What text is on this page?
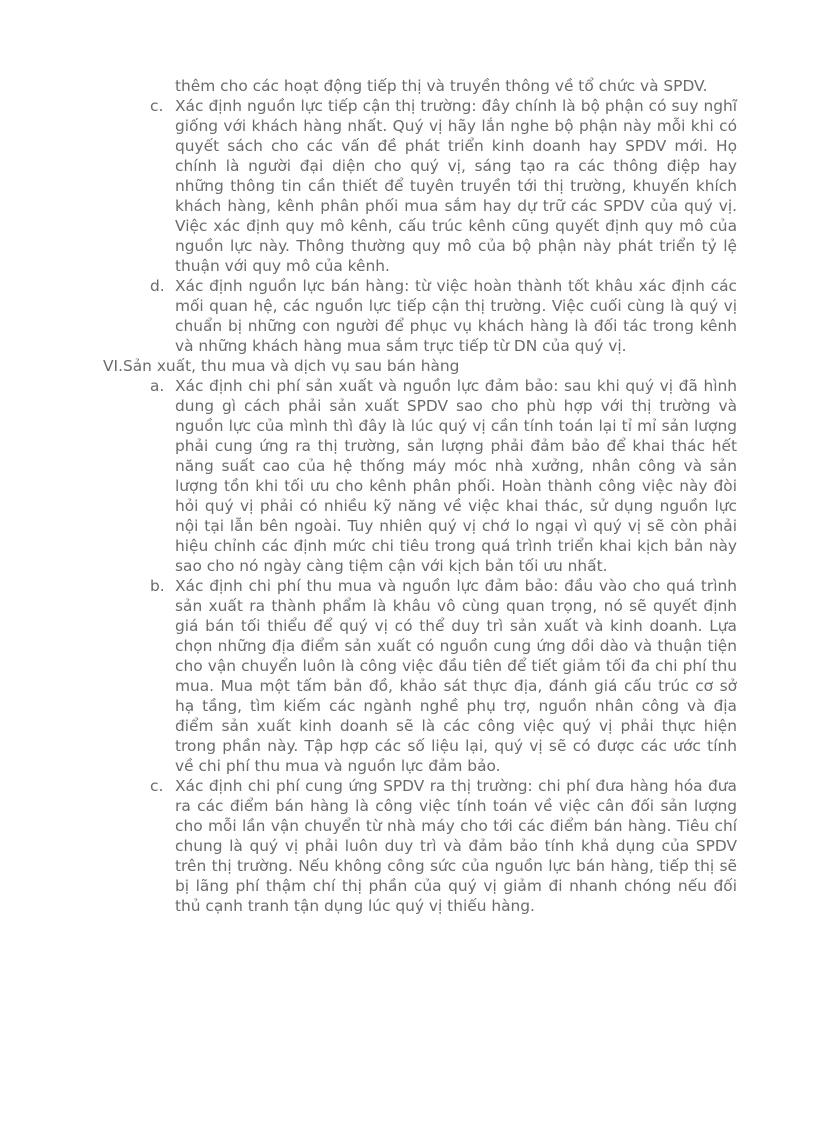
thêm cho các hoạt động tiếp thị và truyền thông về tổ chức và SPDV.

c. Xác định nguồn lực tiếp cận thị trường: đây chính là bộ phận có suy nghĩ giống với khách hàng nhất. Quý vị hãy lắn nghe bộ phận này mỗi khi có quyết sách cho các vấn đề phát triển kinh doanh hay SPDV mới. Họ chính là người đại diện cho quý vị, sáng tạo ra các thông điệp hay những thông tin cần thiết để tuyên truyền tới thị trường, khuyến khích khách hàng, kênh phân phối mua sắm hay dự trữ các SPDV của quý vị. Việc xác định quy mô kênh, cấu trúc kênh cũng quyết định quy mô của nguồn lực này. Thông thường quy mô của bộ phận này phát triển tỷ lệ thuận với quy mô của kênh.

d. Xác định nguồn lực bán hàng: từ việc hoàn thành tốt khâu xác định các mối quan hệ, các nguồn lực tiếp cận thị trường. Việc cuối cùng là quý vị chuẩn bị những con người để phục vụ khách hàng là đối tác trong kênh và những khách hàng mua sắm trực tiếp từ DN của quý vị.

VI.Sản xuất, thu mua và dịch vụ sau bán hàng

a. Xác định chi phí sản xuất và nguồn lực đảm bảo: sau khi quý vị đã hình dung gì cách phải sản xuất SPDV sao cho phù hợp với thị trường và nguồn lực của mình thì đây là lúc quý vị cần tính toán lại tỉ mỉ sản lượng phải cung ứng ra thị trường, sản lượng phải đảm bảo để khai thác hết năng suất cao của hệ thống máy móc nhà xưởng, nhân công và sản lượng tồn khi tối ưu cho kênh phân phối. Hoàn thành công việc này đòi hỏi quý vị phải có nhiều kỹ năng về việc khai thác, sử dụng nguồn lực nội tại lẫn bên ngoài. Tuy nhiên quý vị chớ lo ngại vì quý vị sẽ còn phải hiệu chỉnh các định mức chi tiêu trong quá trình triển khai kịch bản này sao cho nó ngày càng tiệm cận với kịch bản tối ưu nhất.

b. Xác định chi phí thu mua và nguồn lực đảm bảo: đầu vào cho quá trình sản xuất ra thành phẩm là khâu vô cùng quan trọng, nó sẽ quyết định giá bán tối thiểu để quý vị có thể duy trì sản xuất và kinh doanh. Lựa chọn những địa điểm sản xuất có nguồn cung ứng dồi dào và thuận tiện cho vận chuyển luôn là công việc đầu tiên để tiết giảm tối đa chi phí thu mua. Mua một tấm bản đồ, khảo sát thực địa, đánh giá cấu trúc cơ sở hạ tầng, tìm kiếm các ngành nghề phụ trợ, nguồn nhân công và địa điểm sản xuất kinh doanh sẽ là các công việc quý vị phải thực hiện trong phần này. Tập hợp các số liệu lại, quý vị sẽ có được các ước tính về chi phí thu mua và nguồn lực đảm bảo.

c. Xác định chi phí cung ứng SPDV ra thị trường: chi phí đưa hàng hóa đưa ra các điểm bán hàng là công việc tính toán về việc cân đối sản lượng cho mỗi lần vận chuyển từ nhà máy cho tới các điểm bán hàng. Tiêu chí chung là quý vị phải luôn duy trì và đảm bảo tính khả dụng của SPDV trên thị trường. Nếu không công sức của nguồn lực bán hàng, tiếp thị sẽ bị lãng phí thậm chí thị phần của quý vị giảm đi nhanh chóng nếu đối thủ cạnh tranh tận dụng lúc quý vị thiếu hàng.
